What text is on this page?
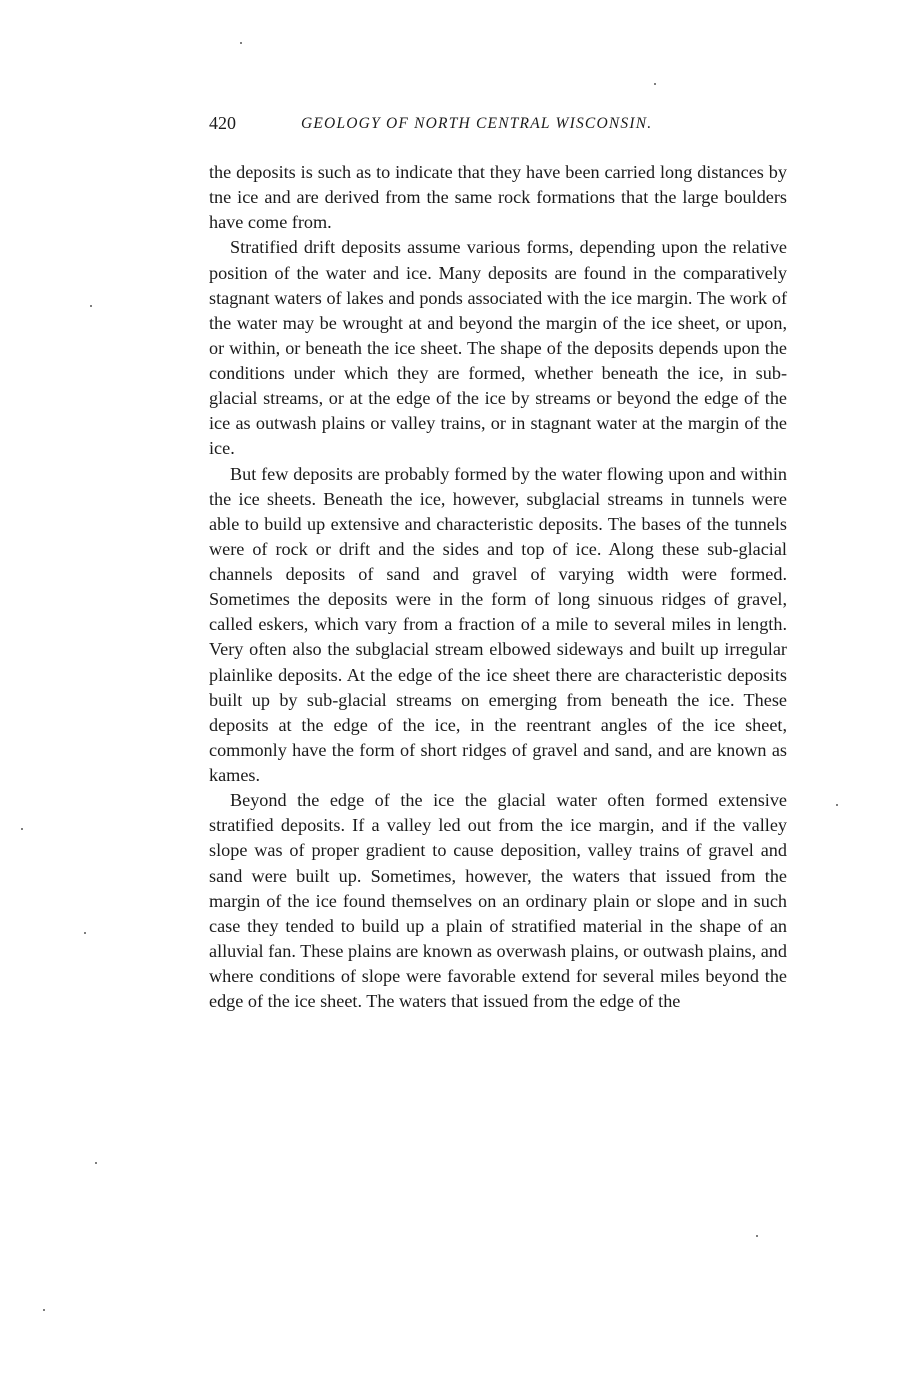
420	GEOLOGY OF NORTH CENTRAL WISCONSIN.

the deposits is such as to indicate that they have been carried long distances by tne ice and are derived from the same rock formations that the large boulders have come from.

Stratified drift deposits assume various forms, depending upon the relative position of the water and ice. Many deposits are found in the comparatively stagnant waters of lakes and ponds associated with the ice margin. The work of the water may be wrought at and beyond the margin of the ice sheet, or upon, or within, or beneath the ice sheet. The shape of the deposits depends upon the conditions under which they are formed, whether beneath the ice, in sub-glacial streams, or at the edge of the ice by streams or beyond the edge of the ice as outwash plains or valley trains, or in stagnant water at the margin of the ice.

But few deposits are probably formed by the water flowing upon and within the ice sheets. Beneath the ice, however, subglacial streams in tunnels were able to build up extensive and characteristic deposits. The bases of the tunnels were of rock or drift and the sides and top of ice. Along these sub-glacial channels deposits of sand and gravel of varying width were formed. Sometimes the deposits were in the form of long sinuous ridges of gravel, called eskers, which vary from a fraction of a mile to several miles in length. Very often also the subglacial stream elbowed sideways and built up irregular plainlike deposits. At the edge of the ice sheet there are characteristic deposits built up by sub-glacial streams on emerging from beneath the ice. These deposits at the edge of the ice, in the reentrant angles of the ice sheet, commonly have the form of short ridges of gravel and sand, and are known as kames.

Beyond the edge of the ice the glacial water often formed extensive stratified deposits. If a valley led out from the ice margin, and if the valley slope was of proper gradient to cause deposition, valley trains of gravel and sand were built up. Sometimes, however, the waters that issued from the margin of the ice found themselves on an ordinary plain or slope and in such case they tended to build up a plain of stratified material in the shape of an alluvial fan. These plains are known as overwash plains, or outwash plains, and where conditions of slope were favorable extend for several miles beyond the edge of the ice sheet. The waters that issued from the edge of the
